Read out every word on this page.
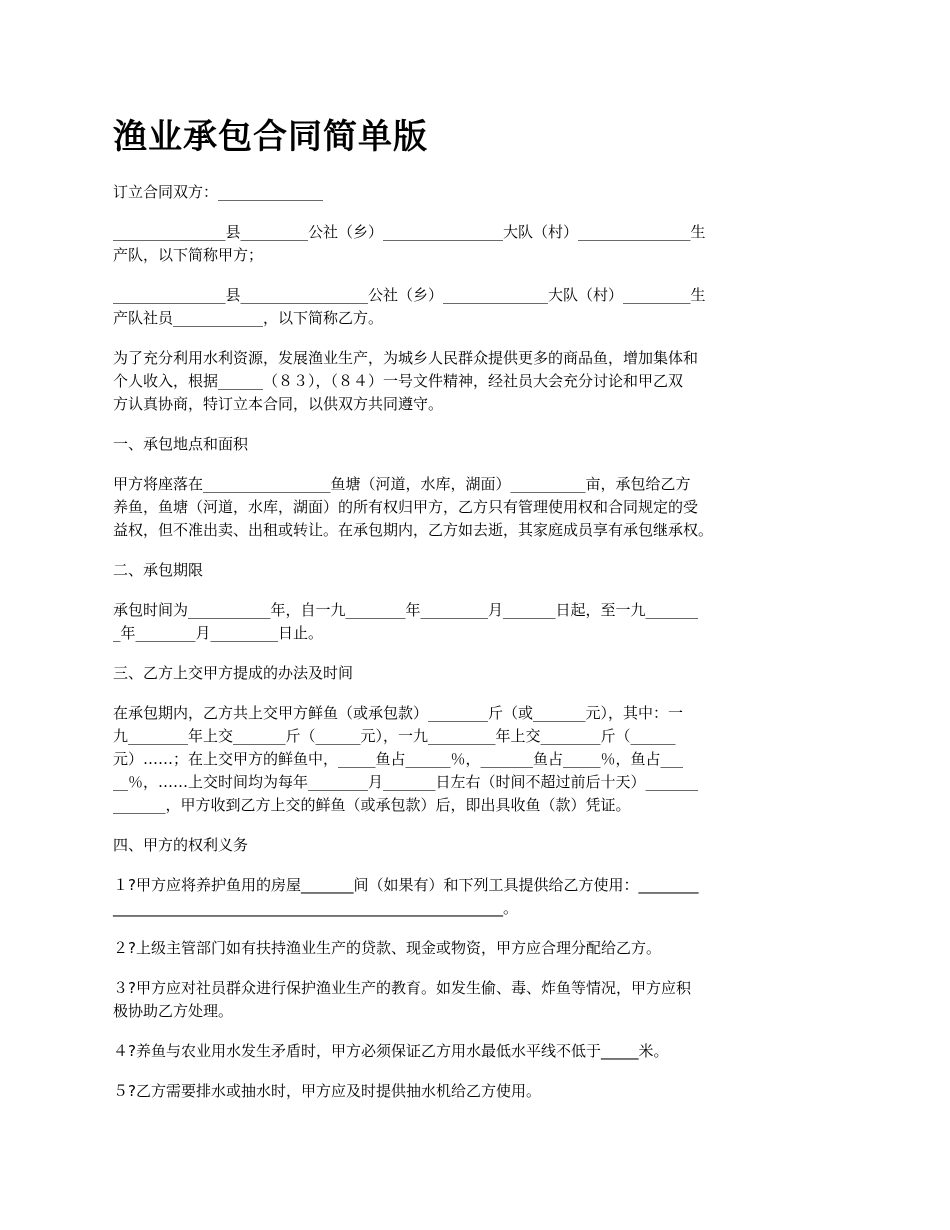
渔业承包合同简单版

订立合同双方：______________

_______________县_________公社（乡）________________大队（村）_______________生
产队，以下简称甲方；

_______________县_________________公社（乡）______________大队（村）_________生
产队社员____________，以下简称乙方。

为了充分利用水利资源，发展渔业生产，为城乡人民群众提供更多的商品鱼，增加集体和
个人收入，根据______（８３），（８４）一号文件精神，经社员大会充分讨论和甲乙双
方认真协商，特订立本合同，以供双方共同遵守。

一、承包地点和面积

甲方将座落在_________________鱼塘（河道，水库，湖面）__________亩，承包给乙方
养鱼，鱼塘（河道，水库，湖面）的所有权归甲方，乙方只有管理使用权和合同规定的受
益权，但不准出卖、出租或转让。在承包期内，乙方如去逝，其家庭成员享有承包继承权。

二、承包期限

承包时间为___________年，自一九________年_________月_______日起，至一九_______
_年________月_________日止。

三、乙方上交甲方提成的办法及时间

在承包期内，乙方共上交甲方鲜鱼（或承包款）________斤（或_______元），其中：一
九________年上交_______斤（______元），一九_________年上交________斤（______
元）……；在上交甲方的鲜鱼中，_____鱼占______％，_______鱼占_____％，鱼占___
__％，……上交时间均为每年________月_______日左右（时间不超过前后十天）_______
_______，甲方收到乙方上交的鲜鱼（或承包款）后，即出具收鱼（款）凭证。

四、甲方的权利义务

１?甲方应将养护鱼用的房屋_______间（如果有）和下列工具提供给乙方使用：________
____________________________________________________。

２?上级主管部门如有扶持渔业生产的贷款、现金或物资，甲方应合理分配给乙方。

３?甲方应对社员群众进行保护渔业生产的教育。如发生偷、毒、炸鱼等情况，甲方应积
极协助乙方处理。

４?养鱼与农业用水发生矛盾时，甲方必须保证乙方用水最低水平线不低于_____米。

５?乙方需要排水或抽水时，甲方应及时提供抽水机给乙方使用。
